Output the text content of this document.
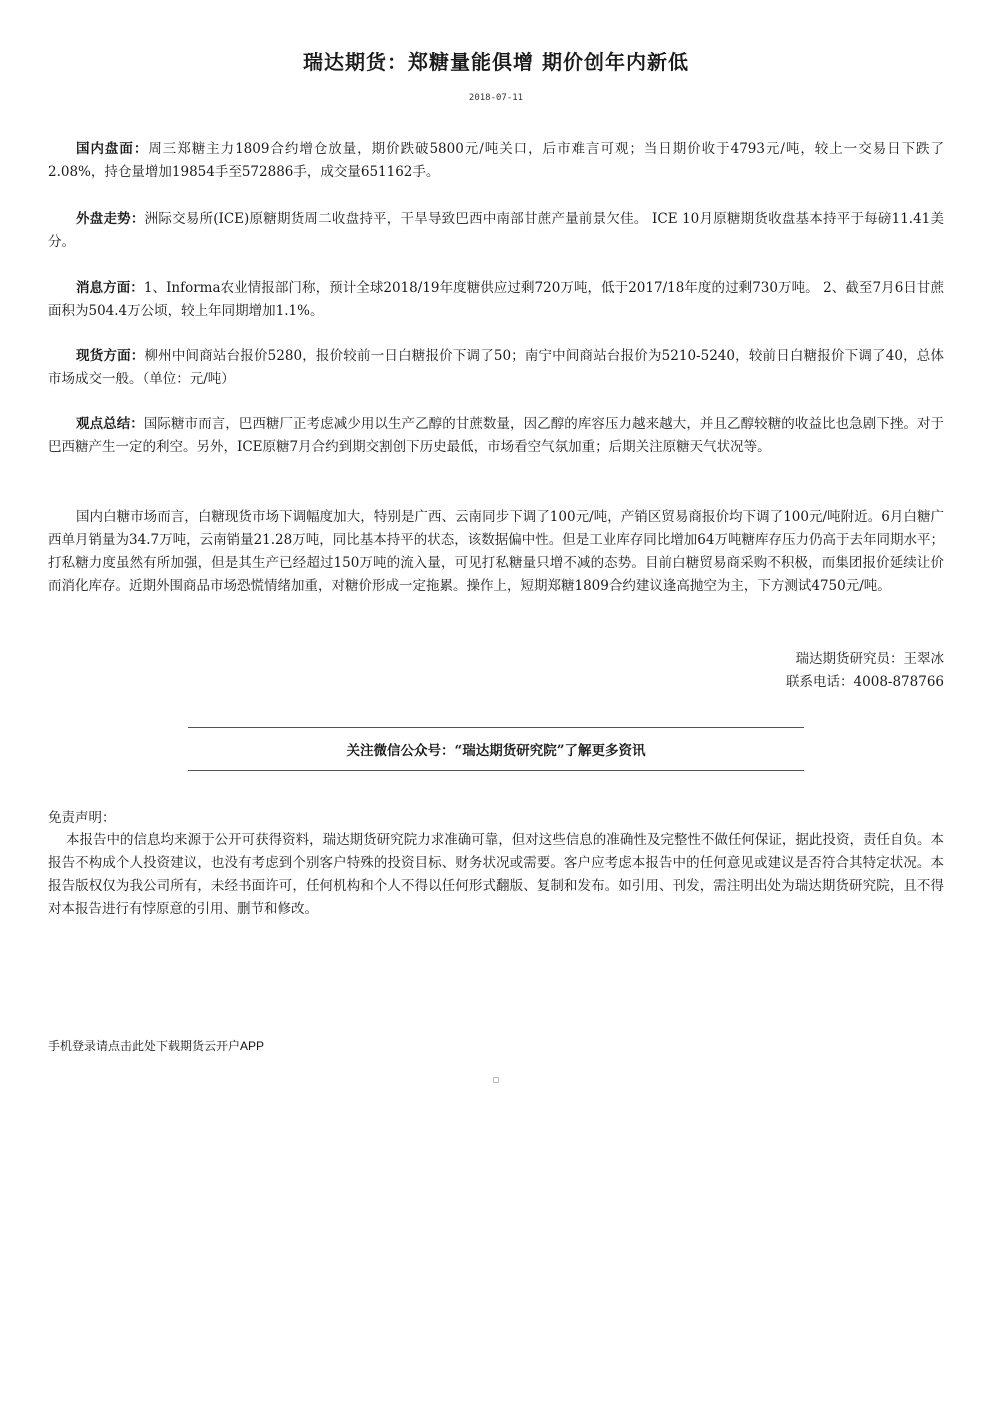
瑞达期货：郑糖量能俱增 期价创年内新低
2018-07-11

国内盘面：周三郑糖主力1809合约增仓放量，期价跌破5800元/吨关口，后市难言可观；当日期价收于4793元/吨，较上一交易日下跌了2.08%，持仓量增加19854手至572886手，成交量651162手。

外盘走势：洲际交易所(ICE)原糖期货周二收盘持平，干旱导致巴西中南部甘蔗产量前景欠佳。 ICE 10月原糖期货收盘基本持平于每磅11.41美分。

消息方面：1、Informa农业情报部门称，预计全球2018/19年度糖供应过剩720万吨，低于2017/18年度的过剩730万吨。 2、截至7月6日甘蔗面积为504.4万公顷，较上年同期增加1.1%。

现货方面：柳州中间商站台报价5280，报价较前一日白糖报价下调了50；南宁中间商站台报价为5210-5240，较前日白糖报价下调了40，总体市场成交一般。（单位：元/吨）

观点总结：国际糖市而言，巴西糖厂正考虑减少用以生产乙醇的甘蔗数量，因乙醇的库容压力越来越大，并且乙醇较糖的收益比也急剧下挫。对于巴西糖产生一定的利空。另外，ICE原糖7月合约到期交割创下历史最低，市场看空气氛加重；后期关注原糖天气状况等。

国内白糖市场而言，白糖现货市场下调幅度加大，特别是广西、云南同步下调了100元/吨，产销区贸易商报价均下调了100元/吨附近。6月白糖广西单月销量为34.7万吨，云南销量21.28万吨，同比基本持平的状态，该数据偏中性。但是工业库存同比增加64万吨糖库存压力仍高于去年同期水平；打私糖力度虽然有所加强，但是其生产已经超过150万吨的流入量，可见打私糖量只增不减的态势。目前白糖贸易商采购不积极，而集团报价延续让价而消化库存。近期外围商品市场恐慌情绪加重，对糖价形成一定拖累。操作上，短期郑糖1809合约建议逢高抛空为主，下方测试4750元/吨。

瑞达期货研究员：王翠冰
联系电话：4008-878766
关注微信公众号：“瑞达期货研究院”了解更多资讯
免责声明：

本报告中的信息均来源于公开可获得资料，瑞达期货研究院力求准确可靠，但对这些信息的准确性及完整性不做任何保证，据此投资，责任自负。本报告不构成个人投资建议，也没有考虑到个别客户特殊的投资目标、财务状况或需要。客户应考虑本报告中的任何意见或建议是否符合其特定状况。本报告版权仅为我公司所有，未经书面许可，任何机构和个人不得以任何形式翻版、复制和发布。如引用、刊发，需注明出处为瑞达期货研究院，且不得对本报告进行有悖原意的引用、删节和修改。

手机登录请点击此处下载期货云开户APP
